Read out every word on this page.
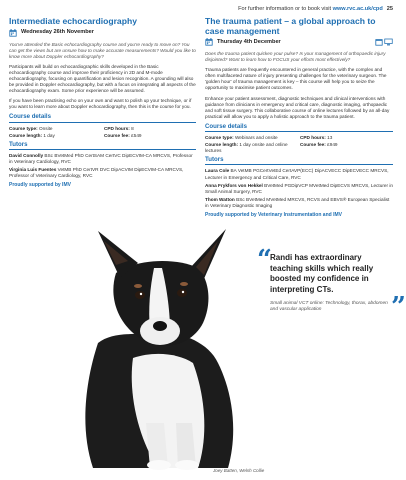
For further information or to book visit www.rvc.ac.uk/cpd 25
Intermediate echocardiography
Wednesday 26th November

You've attended the Basic echocardiography course and you're ready to move on? You can get the views but are unsure how to make accurate measurements? Would you like to know more about Doppler echocardiography?

Participants will build on echocardiographic skills developed in the Basic echocardiography course and improve their proficiency in 2D and M-mode echocardiography, focusing on quantification and lesion recognition. A grounding will also be provided in Doppler echocardiography, but with a focus on integrating all aspects of the echocardiography exam. Some prior experience will be assumed.

If you have been practising echo on your own and want to polish up your technique, or if you want to learn more about Doppler echocardiography, then this is the course for you.

Course details
Course type: Onsite	CPD hours: 8
Course length: 1 day	Course fee: £549
Tutors
David Connolly BSc BVetMed PhD CertSAM CertVC DipECVIM-CA MRCVS, Professor in Veterinary Cardiology, RVC
Virginia Luis Fuentes VetMB PhD CertVR DVC DipACVIM DipECVIM-CA MRCVS, Professor of Veterinary Cardiology, RVC
Proudly supported by IMV
The trauma patient – a global approach to case management
Thursday 4th December

Does the trauma patient quicken your pulse? Is your management of orthopaedic injury disjointed? Want to learn how to FOCUS your efforts most effectively?

Trauma patients are frequently encountered in general practice, with the complex and often multifaceted nature of injury presenting challenges for the veterinary surgeon. The 'golden hour' of trauma management is key – this course will help you to seize the opportunity to maximise patient outcomes.

Enhance your patient assessment, diagnostic techniques and clinical interventions with guidance from clinicians in emergency and critical care, diagnostic imaging, orthopaedic and soft tissue surgery. This collaborative course of online lectures followed by an all-day practical will allow you to apply a holistic approach to the trauma patient.

Course details
Course type: Webinars and onsite	CPD hours: 13
Course length: 1 day onsite and online lectures
Course fee: £949
Tutors
Laura Cole BA VetMB PGCertVetEd CertAVP(ECC) DipACVECC DipECVECC MRCVS, Lecturer in Emergency and Critical Care, RVC
Anna Frykfors von Hekkel BVetMed PGDipVCP MVetMed DipECVS MRCVS, Lecturer in Small Animal Surgery, RVC
Thom Watton BSc BVetMed MVetMed MRCVS, RCVS and EBVS® European Specialist in Veterinary Diagnostic Imaging
Proudly supported by Veterinary Instrumentation and IMV
Joey Batten, Welsh Collie
“
Randi has extraordinary teaching skills which really boosted my confidence in interpreting CTs.
Small animal VCT online: Technology, thorax, abdomen and vascular application	”
